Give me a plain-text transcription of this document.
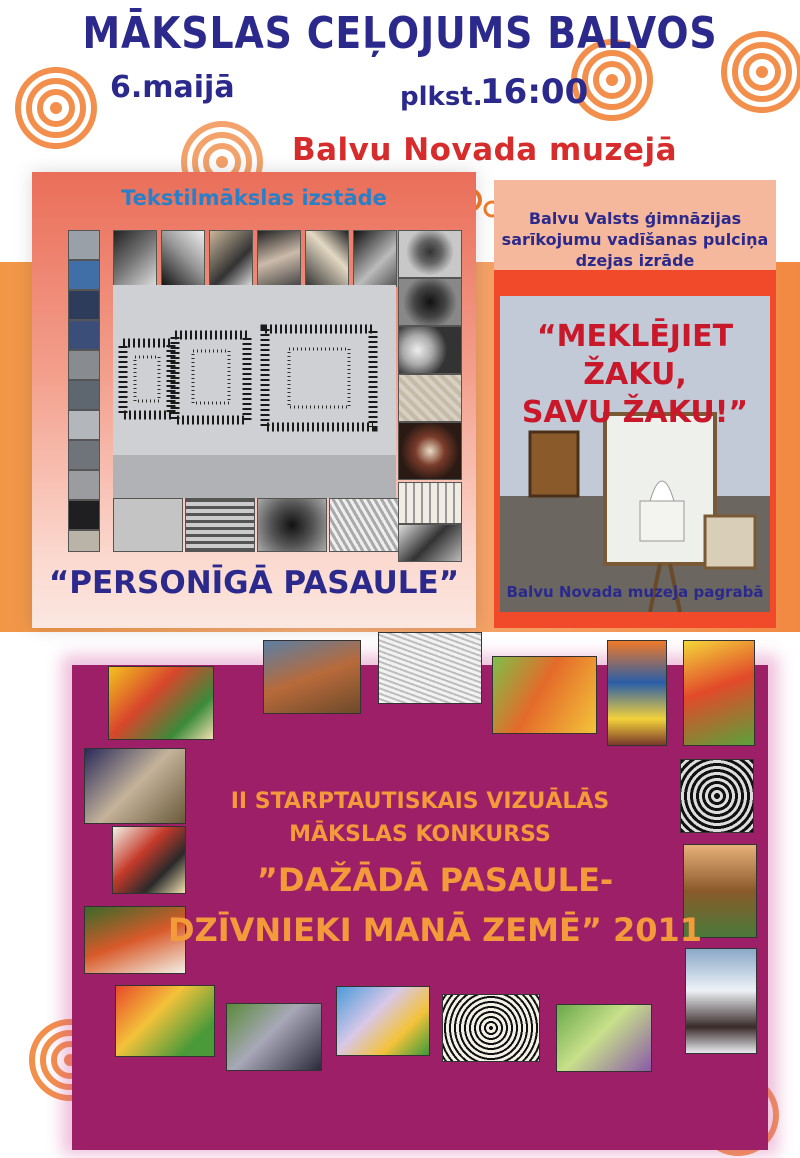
MĀKSLAS CEĻOJUMS BALVOS
6.maijā	plkst.
16:00
Balvu Novada muzejā
Tekstilmākslas izstāde
“PERSONĪGĀ PASAULE”
Balvu Valsts ģimnāzijas
sarīkojumu vadīšanas pulciņa
dzejas izrāde
“MEKLĒJIET ŽAKU,
SAVU ŽAKU!”
Balvu Novada muzeja pagrabā
II STARPTAUTISKAIS VIZUĀLĀS
MĀKSLAS KONKURSS
”DAŽĀDĀ PASAULE-
DZĪVNIEKI MANĀ ZEMĒ” 2011
